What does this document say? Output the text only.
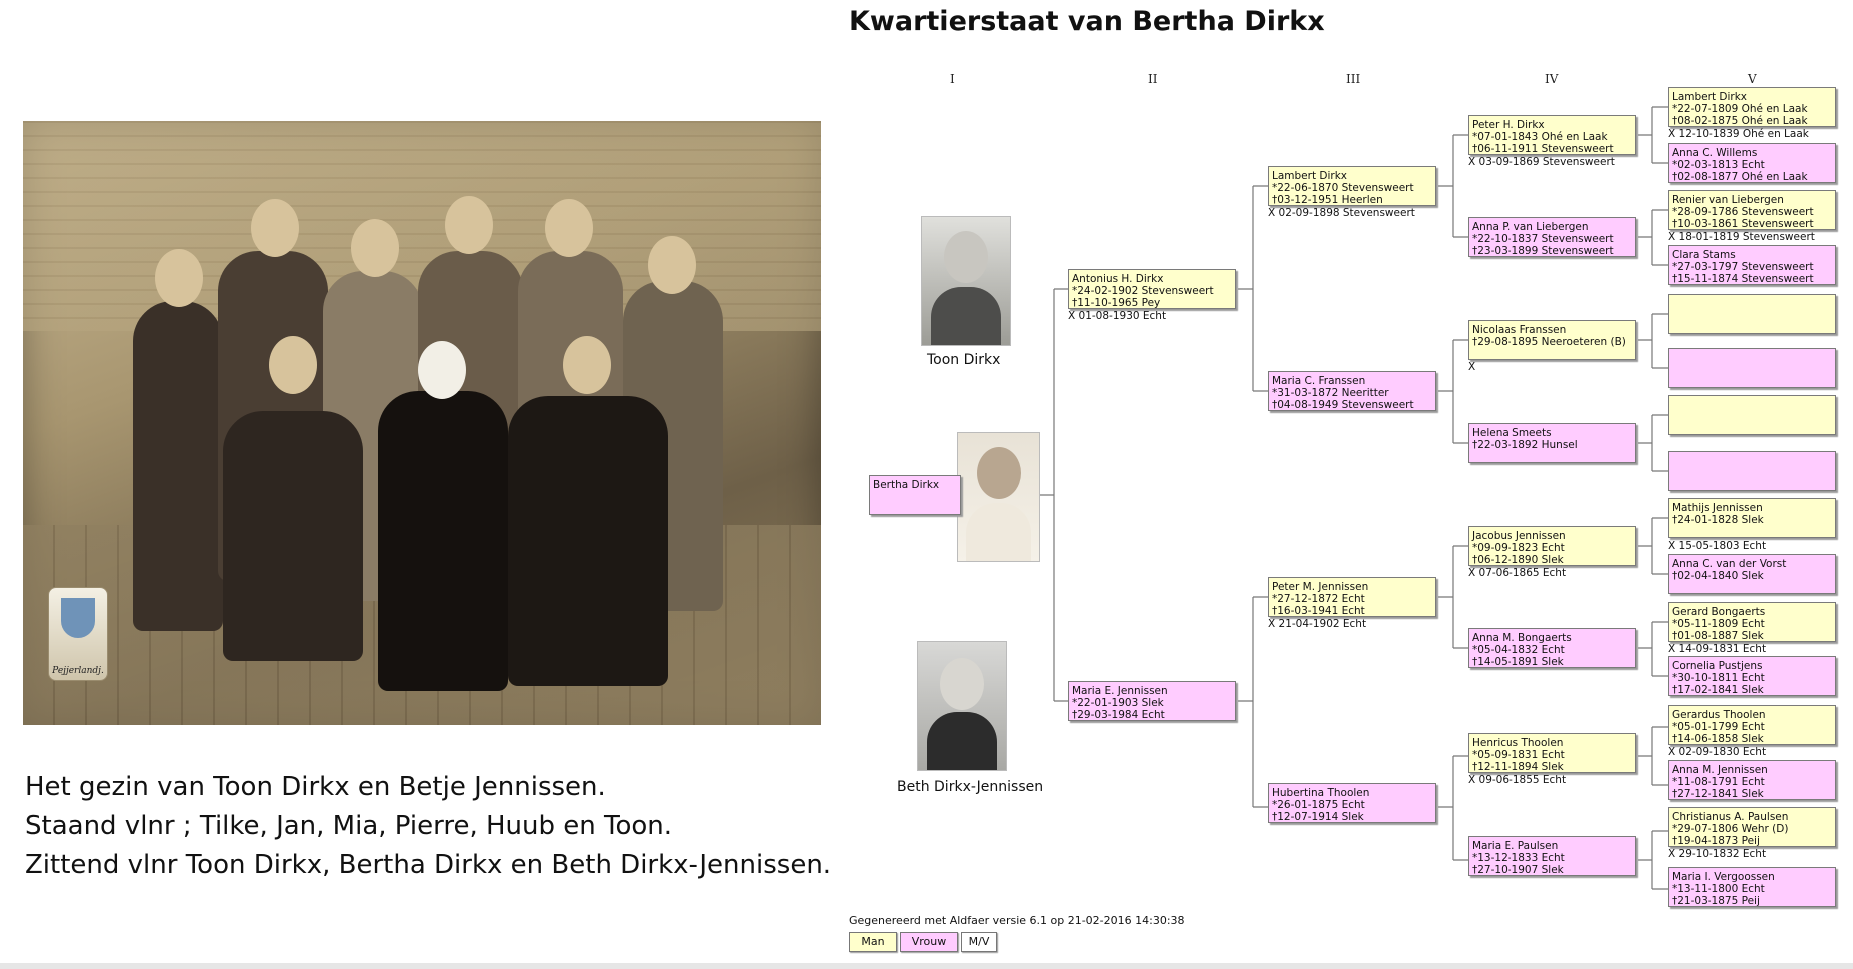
Pejjerlandj.
Het gezin van Toon Dirkx en Betje Jennissen.
Staand vlnr ; Tilke, Jan, Mia, Pierre, Huub en Toon.
Zittend vlnr Toon Dirkx, Bertha Dirkx en Beth Dirkx-Jennissen.
Kwartierstaat van Bertha Dirkx
I	II	III	IV	V
Toon Dirkx
Beth Dirkx-Jennissen
Bertha Dirkx
Antonius H. Dirkx
*24-02-1902 Stevensweert
†11-10-1965 Pey
Maria E. Jennissen
*22-01-1903 Slek
†29-03-1984 Echt
Lambert Dirkx
*22-06-1870 Stevensweert
†03-12-1951 Heerlen
Maria C. Franssen
*31-03-1872 Neeritter
†04-08-1949 Stevensweert
Peter M. Jennissen
*27-12-1872 Echt
†16-03-1941 Echt
Hubertina Thoolen
*26-01-1875 Echt
†12-07-1914 Slek
Peter H. Dirkx
*07-01-1843 Ohé en Laak
†06-11-1911 Stevensweert
Anna P. van Liebergen
*22-10-1837 Stevensweert
†23-03-1899 Stevensweert
Nicolaas Franssen
†29-08-1895 Neeroeteren (B)
Helena Smeets
†22-03-1892 Hunsel
Jacobus Jennissen
*09-09-1823 Echt
†06-12-1890 Slek
Anna M. Bongaerts
*05-04-1832 Echt
†14-05-1891 Slek
Henricus Thoolen
*05-09-1831 Echt
†12-11-1894 Slek
Maria E. Paulsen
*13-12-1833 Echt
†27-10-1907 Slek
Lambert Dirkx
*22-07-1809 Ohé en Laak
†08-02-1875 Ohé en Laak
Anna C. Willems
*02-03-1813 Echt
†02-08-1877 Ohé en Laak
Renier van Liebergen
*28-09-1786 Stevensweert
†10-03-1861 Stevensweert
Clara Stams
*27-03-1797 Stevensweert
†15-11-1874 Stevensweert
Mathijs Jennissen
†24-01-1828 Slek
Anna C. van der Vorst
†02-04-1840 Slek
Gerard Bongaerts
*05-11-1809 Echt
†01-08-1887 Slek
Cornelia Pustjens
*30-10-1811 Echt
†17-02-1841 Slek
Gerardus Thoolen
*05-01-1799 Echt
†14-06-1858 Slek
Anna M. Jennissen
*11-08-1791 Echt
†27-12-1841 Slek
Christianus A. Paulsen
*29-07-1806 Wehr (D)
†19-04-1873 Peij
Maria I. Vergoossen
*13-11-1800 Echt
†21-03-1875 Peij
X 01-08-1930 Echt
X 02-09-1898 Stevensweert
X 21-04-1902 Echt
X 03-09-1869 Stevensweert
X
X 07-06-1865 Echt
X 09-06-1855 Echt
X 12-10-1839 Ohé en Laak
X 18-01-1819 Stevensweert
X 15-05-1803 Echt
X 14-09-1831 Echt
X 02-09-1830 Echt
X 29-10-1832 Echt
Gegenereerd met Aldfaer versie 6.1 op 21-02-2016 14:30:38
Man	Vrouw	M/V
